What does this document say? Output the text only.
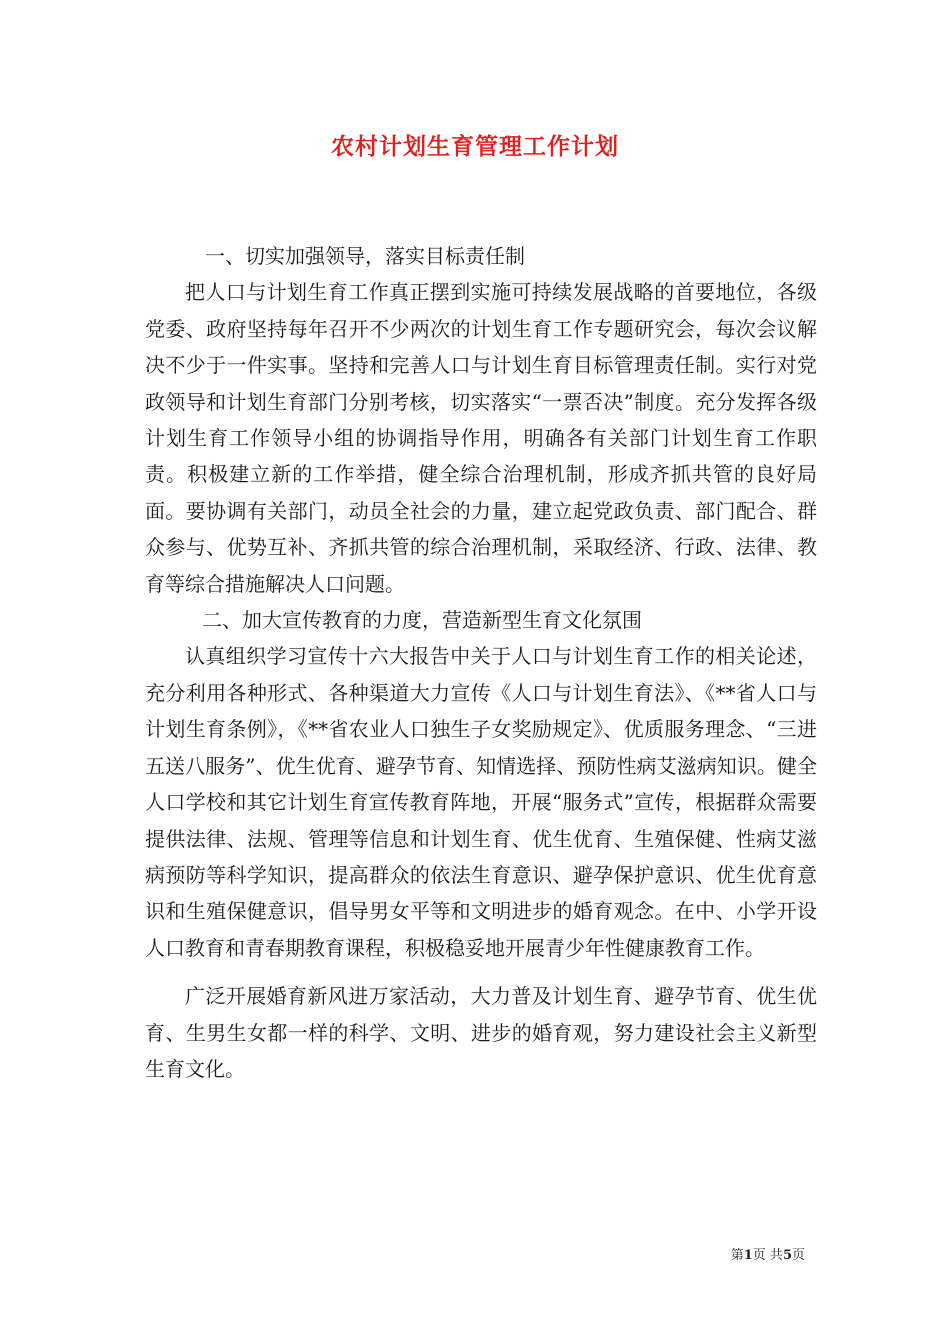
农村计划生育管理工作计划

一、切实加强领导，落实目标责任制

把人口与计划生育工作真正摆到实施可持续发展战略的首要地位，各级党委、政府坚持每年召开不少两次的计划生育工作专题研究会，每次会议解决不少于一件实事。坚持和完善人口与计划生育目标管理责任制。实行对党政领导和计划生育部门分别考核，切实落实“一票否决”制度。充分发挥各级计划生育工作领导小组的协调指导作用，明确各有关部门计划生育工作职责。积极建立新的工作举措，健全综合治理机制，形成齐抓共管的良好局面。要协调有关部门，动员全社会的力量，建立起党政负责、部门配合、群众参与、优势互补、齐抓共管的综合治理机制，采取经济、行政、法律、教育等综合措施解决人口问题。

二、加大宣传教育的力度，营造新型生育文化氛围

认真组织学习宣传十六大报告中关于人口与计划生育工作的相关论述，充分利用各种形式、各种渠道大力宣传《人口与计划生育法》、《**省人口与计划生育条例》，《**省农业人口独生子女奖励规定》、优质服务理念、“三进五送八服务”、优生优育、避孕节育、知情选择、预防性病艾滋病知识。健全人口学校和其它计划生育宣传教育阵地，开展“服务式”宣传，根据群众需要提供法律、法规、管理等信息和计划生育、优生优育、生殖保健、性病艾滋病预防等科学知识，提高群众的依法生育意识、避孕保护意识、优生优育意识和生殖保健意识，倡导男女平等和文明进步的婚育观念。在中、小学开设人口教育和青春期教育课程，积极稳妥地开展青少年性健康教育工作。

广泛开展婚育新风进万家活动，大力普及计划生育、避孕节育、优生优育、生男生女都一样的科学、文明、进步的婚育观，努力建设社会主义新型生育文化。

第1页 共5页
